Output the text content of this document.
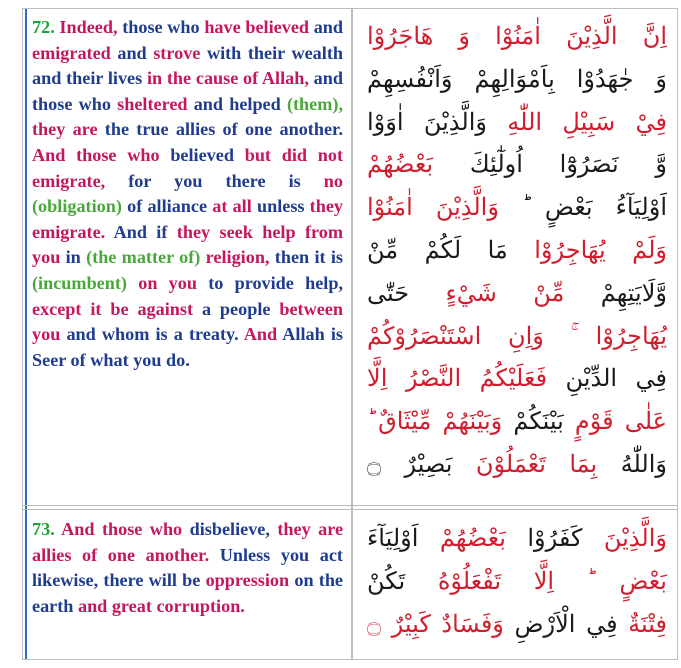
72. Indeed, those who have believed and emigrated and strove with their wealth and their lives in the cause of Allah, and those who sheltered and helped (them), they are the true allies of one another. And those who believed but did not emigrate, for you there is no (obligation) of alliance at all unless they emigrate. And if they seek help from you in (the matter of) religion, then it is (incumbent) on you to provide help, except it be against a people between you and whom is a treaty. And Allah is Seer of what you do.
اِنَّ الَّذِيْنَ اٰمَنُوْا وَ هَاجَرُوْا
وَ جٰهَدُوْا بِاَمْوَالِهِمْ وَاَنْفُسِهِمْ
فِيْ سَبِيْلِ اللّٰهِ وَالَّذِيْنَ اٰوَوْا
وَّ نَصَرُوْٓا اُولٰٓئِكَ بَعْضُهُمْ
اَوْلِيَآءُ بَعْضٍ ؕ وَالَّذِيْنَ اٰمَنُوْا
وَلَمْ يُهَاجِرُوْا مَا لَكُمْ مِّنْ
وَّلَايَتِهِمْ مِّنْ شَيْءٍ حَتّٰى
يُهَاجِرُوْا ۚ وَاِنِ اسْتَنْصَرُوْكُمْ
فِي الدِّيْنِ فَعَلَيْكُمُ النَّصْرُ اِلَّا
عَلٰى قَوْمٍ بَيْنَكُمْ وَبَيْنَهُمْ مِّيْثَاقٌ ؕ
وَاللّٰهُ بِمَا تَعْمَلُوْنَ بَصِيْرٌ ۝
73. And those who disbelieve, they are allies of one another. Unless you act likewise, there will be oppression on the earth and great corruption.
وَالَّذِيْنَ كَفَرُوْا بَعْضُهُمْ اَوْلِيَآءَ
بَعْضٍ ؕ اِلَّا تَفْعَلُوْهُ تَكُنْ
فِتْنَةٌ فِي الْاَرْضِ وَفَسَادٌ كَبِيْرٌ ۝
